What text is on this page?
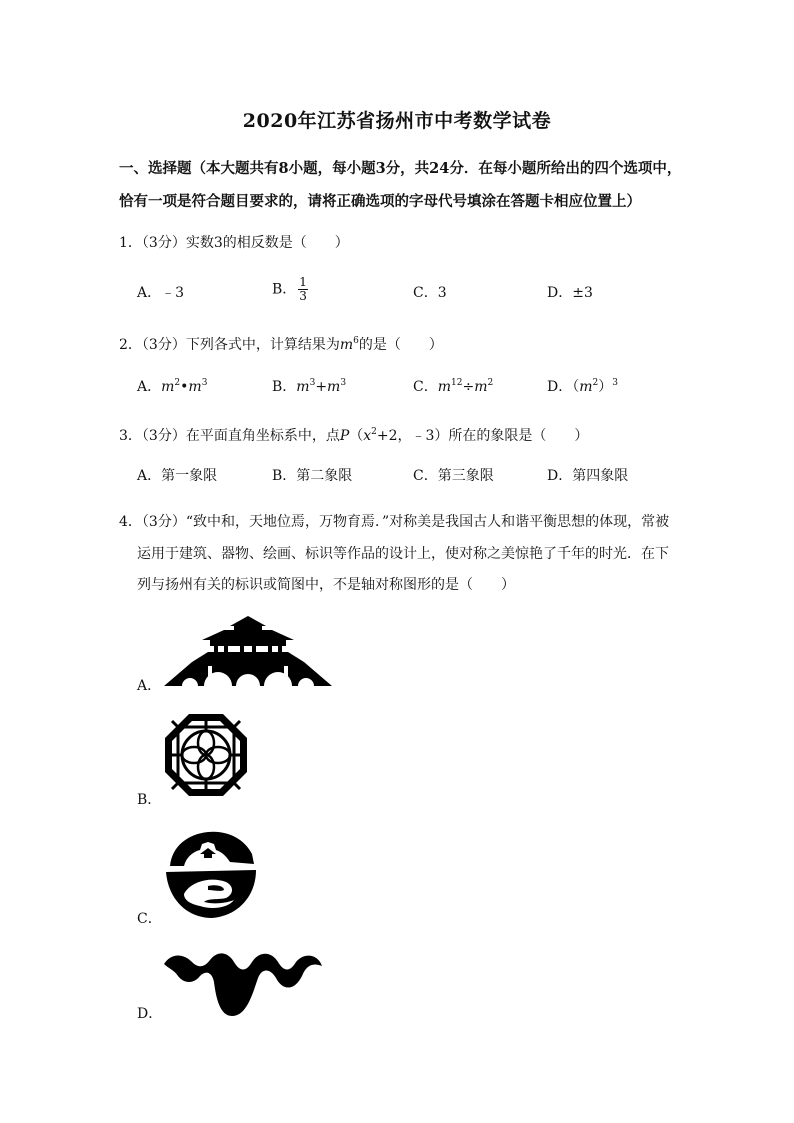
2020年江苏省扬州市中考数学试卷
一、选择题（本大题共有8小题，每小题3分，共24分．在每小题所给出的四个选项中，
恰有一项是符合题目要求的，请将正确选项的字母代号填涂在答题卡相应位置上）
1．（3分）实数3的相反数是（　　）
A．﹣3	B． $\frac{1}{3}$	C．3	D．±3
2．（3分）下列各式中，计算结果为$m^6$的是（　　）
A．$m^2•m^3$	B．$m^3+m^3$	C．$m^{12}\div m^2$	D．$(m^2)^3$
3．（3分）在平面直角坐标系中，点$P(x^2+2$，﹣3）所在的象限是（　　）
A．第一象限	B．第二象限	C．第三象限	D．第四象限
4．（3分）“致中和，天地位焉，万物育焉．”对称美是我国古人和谐平衡思想的体现，常被
运用于建筑、器物、绘画、标识等作品的设计上，使对称之美惊艳了千年的时光．在下
列与扬州有关的标识或简图中，不是轴对称图形的是（　　）
A．
B．
C．
D．
